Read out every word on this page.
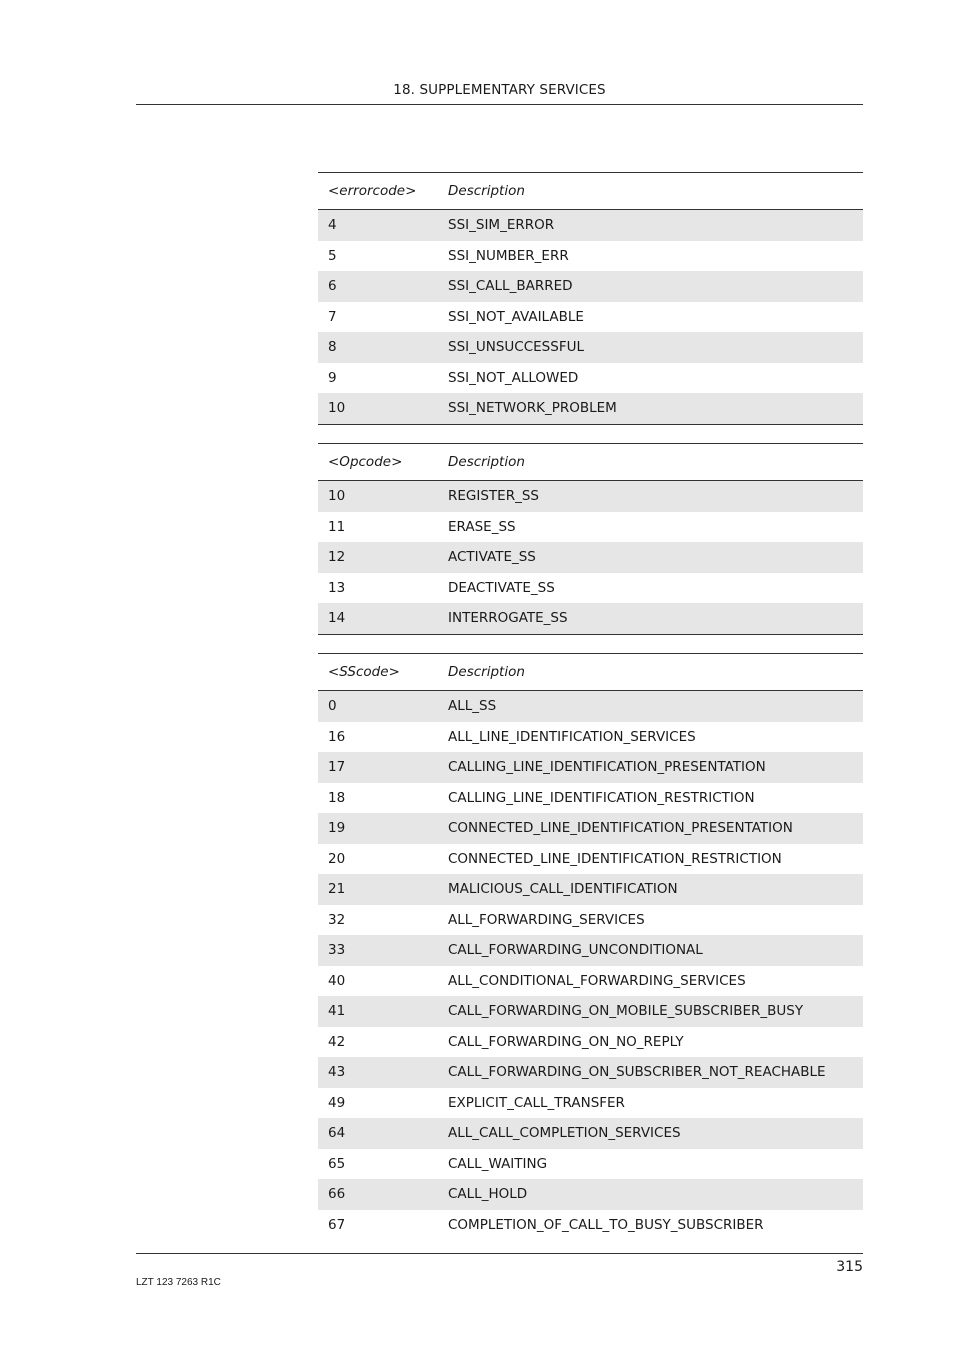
18. SUPPLEMENTARY SERVICES
<errorcode>	Description
4	SSI_SIM_ERROR
5	SSI_NUMBER_ERR
6	SSI_CALL_BARRED
7	SSI_NOT_AVAILABLE
8	SSI_UNSUCCESSFUL
9	SSI_NOT_ALLOWED
10	SSI_NETWORK_PROBLEM
<Opcode>	Description
10	REGISTER_SS
11	ERASE_SS
12	ACTIVATE_SS
13	DEACTIVATE_SS
14	INTERROGATE_SS
<SScode>	Description
0	ALL_SS
16	ALL_LINE_IDENTIFICATION_SERVICES
17	CALLING_LINE_IDENTIFICATION_PRESENTATION
18	CALLING_LINE_IDENTIFICATION_RESTRICTION
19	CONNECTED_LINE_IDENTIFICATION_PRESENTATION
20	CONNECTED_LINE_IDENTIFICATION_RESTRICTION
21	MALICIOUS_CALL_IDENTIFICATION
32	ALL_FORWARDING_SERVICES
33	CALL_FORWARDING_UNCONDITIONAL
40	ALL_CONDITIONAL_FORWARDING_SERVICES
41	CALL_FORWARDING_ON_MOBILE_SUBSCRIBER_BUSY
42	CALL_FORWARDING_ON_NO_REPLY
43	CALL_FORWARDING_ON_SUBSCRIBER_NOT_REACHABLE
49	EXPLICIT_CALL_TRANSFER
64	ALL_CALL_COMPLETION_SERVICES
65	CALL_WAITING
66	CALL_HOLD
67	COMPLETION_OF_CALL_TO_BUSY_SUBSCRIBER
315
LZT 123 7263 R1C
